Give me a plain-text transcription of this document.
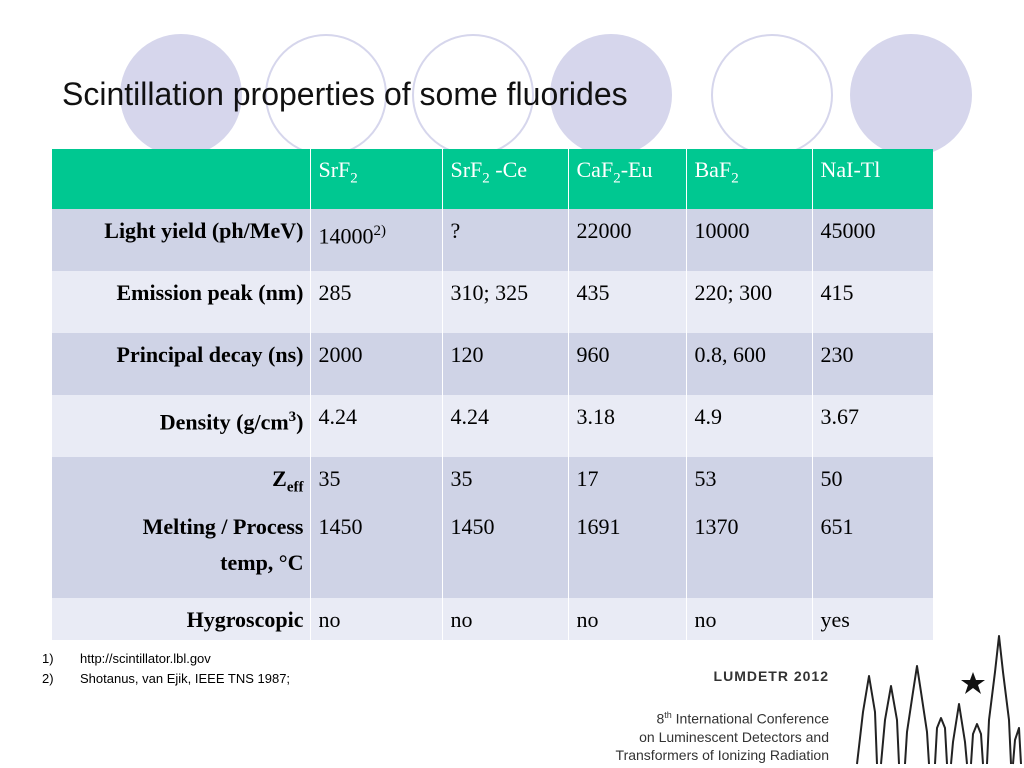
Scintillation properties of some fluorides
	SrF$_2$	SrF$_2$ -Ce	CaF$_2$-Eu	BaF$_2$	NaI-Tl
Light yield (ph/MeV)	14000$^{2)}$	?	22000	10000	45000
Emission peak (nm)	285	310; 325	435	220; 300	415
Principal decay (ns)	2000	120	960	0.8, 600	230
Density $(g/cm^3)$	4.24	4.24	3.18	4.9	3.67
$Z_{eff}$	35	35	17	53	50

Melting / Process
temp, °C	1450	1450	1691	1370	651
Hygroscopic	no	no	no	no	yes
1)	http://scintillator.lbl.gov
2)	Shotanus, van Ejik, IEEE TNS 1987;	LUMDETR 2012
8th International Conference
on Luminescent Detectors and
Transformers of Ionizing Radiation
